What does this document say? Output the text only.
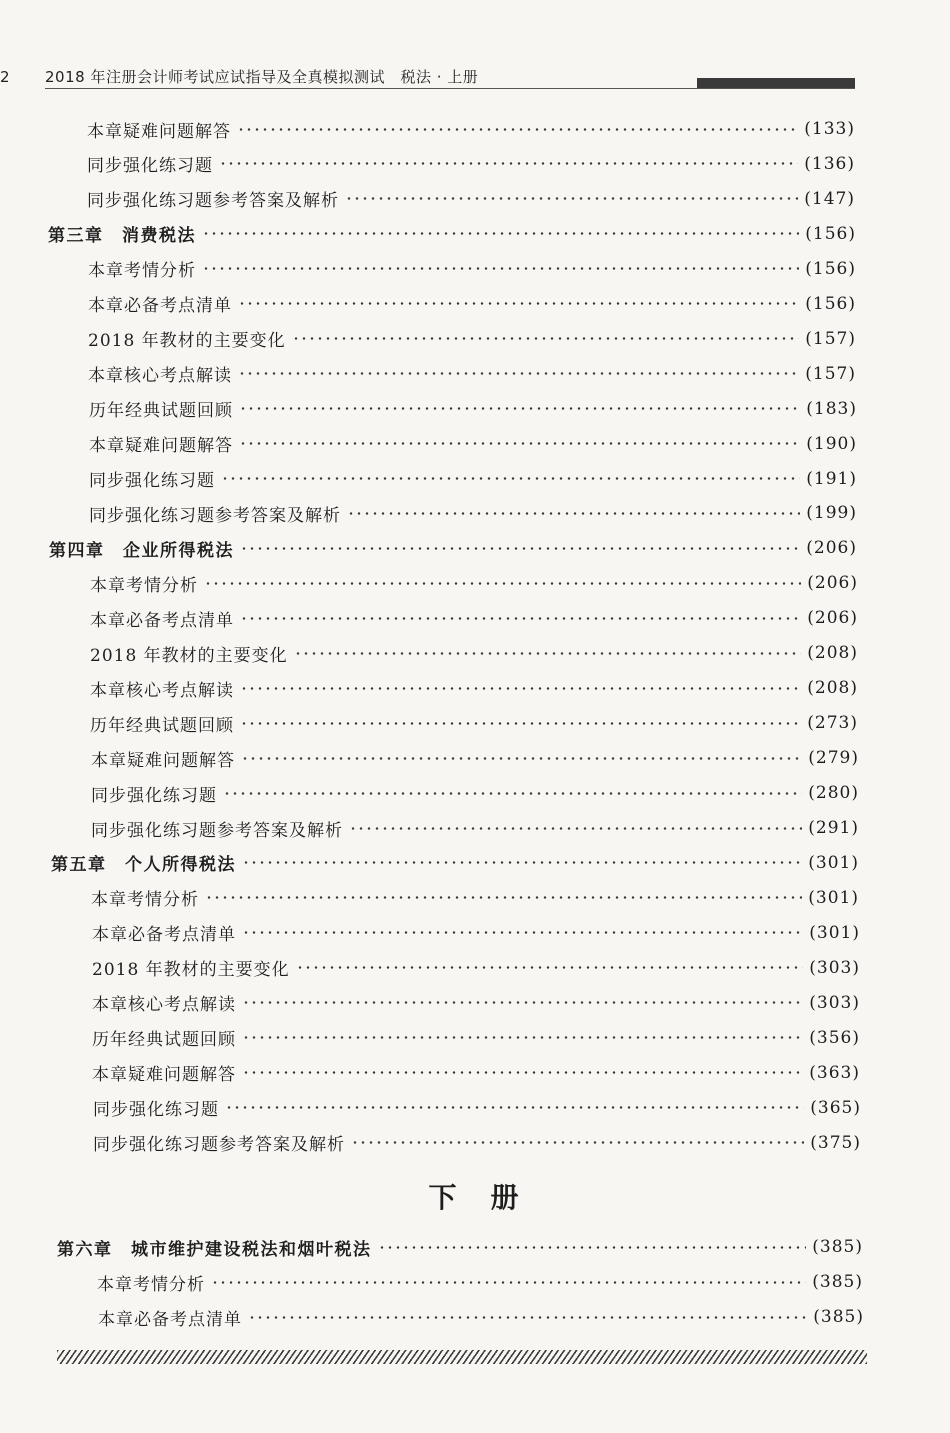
2 2018 年注册会计师考试应试指导及全真模拟测试　税法 · 上册
本章疑难问题解答	(133)
同步强化练习题	(136)
同步强化练习题参考答案及解析	(147)
第三章　消费税法	(156)
本章考情分析	(156)
本章必备考点清单	(156)
2018 年教材的主要变化	(157)
本章核心考点解读	(157)
历年经典试题回顾	(183)
本章疑难问题解答	(190)
同步强化练习题	(191)
同步强化练习题参考答案及解析	(199)
第四章　企业所得税法	(206)
本章考情分析	(206)
本章必备考点清单	(206)
2018 年教材的主要变化	(208)
本章核心考点解读	(208)
历年经典试题回顾	(273)
本章疑难问题解答	(279)
同步强化练习题	(280)
同步强化练习题参考答案及解析	(291)
第五章　个人所得税法	(301)
本章考情分析	(301)
本章必备考点清单	(301)
2018 年教材的主要变化	(303)
本章核心考点解读	(303)
历年经典试题回顾	(356)
本章疑难问题解答	(363)
同步强化练习题	(365)
同步强化练习题参考答案及解析	(375)
下　册
第六章　城市维护建设税法和烟叶税法	(385)
本章考情分析	(385)
本章必备考点清单	(385)
